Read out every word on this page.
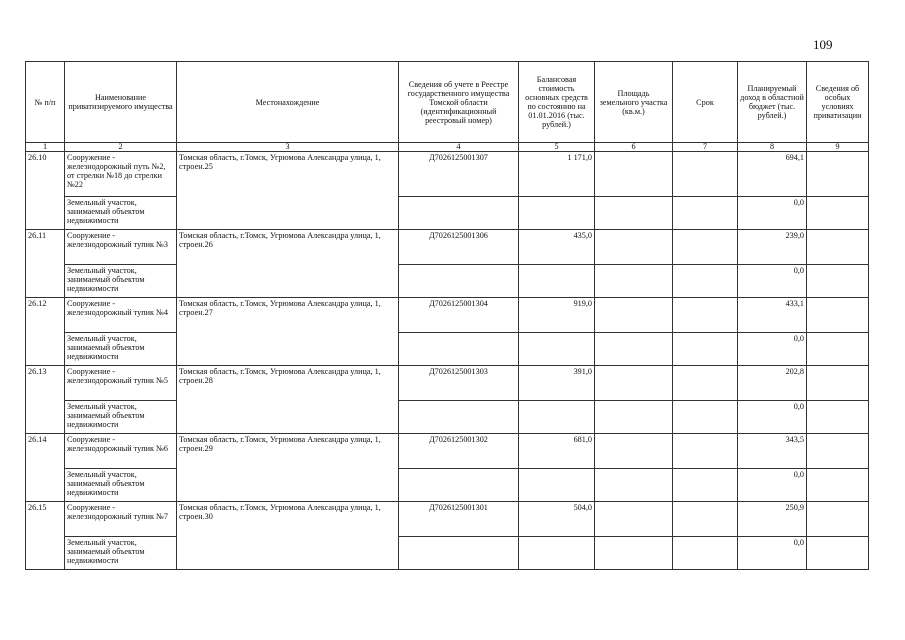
109
№ п/п	Наименование приватизируемого имущества	Местонахождение	Сведения об учете в Реестре государственного имущества Томской области (идентификационный реестровый номер)	Балансовая стоимость основных средств по состоянию на 01.01.2016 (тыс. рублей.)	Площадь земельного участка (кв.м.)	Срок	Планируемый доход в областной бюджет (тыс. рублей.)	Сведения об особых условиях приватизации
1	2	3	4	5	6	7	8	9
26.10	Сооружение - железнодорожный путь №2, от стрелки №18 до стрелки №22	Томская область, г.Томск, Угрюмова Александра улица, 1, строен.25	Д7026125001307	1 171,0			694,1	
	Земельный участок, занимаемый объектом недвижимости						0,0	
26.11	Сооружение - железнодорожный тупик №3	Томская область, г.Томск, Угрюмова Александра улица, 1, строен.26	Д7026125001306	435,0			239,0	
	Земельный участок, занимаемый объектом недвижимости						0,0	
26.12	Сооружение - железнодорожный тупик №4	Томская область, г.Томск, Угрюмова Александра улица, 1, строен.27	Д7026125001304	919,0			433,1	
	Земельный участок, занимаемый объектом недвижимости						0,0	
26.13	Сооружение - железнодорожный тупик №5	Томская область, г.Томск, Угрюмова Александра улица, 1, строен.28	Д7026125001303	391,0			202,8	
	Земельный участок, занимаемый объектом недвижимости						0,0	
26.14	Сооружение - железнодорожный тупик №6	Томская область, г.Томск, Угрюмова Александра улица, 1, строен.29	Д7026125001302	681,0			343,5	
	Земельный участок, занимаемый объектом недвижимости						0,0	
26.15	Сооружение - железнодорожный тупик №7	Томская область, г.Томск, Угрюмова Александра улица, 1, строен.30	Д7026125001301	504,0			250,9	
	Земельный участок, занимаемый объектом недвижимости						0,0	
